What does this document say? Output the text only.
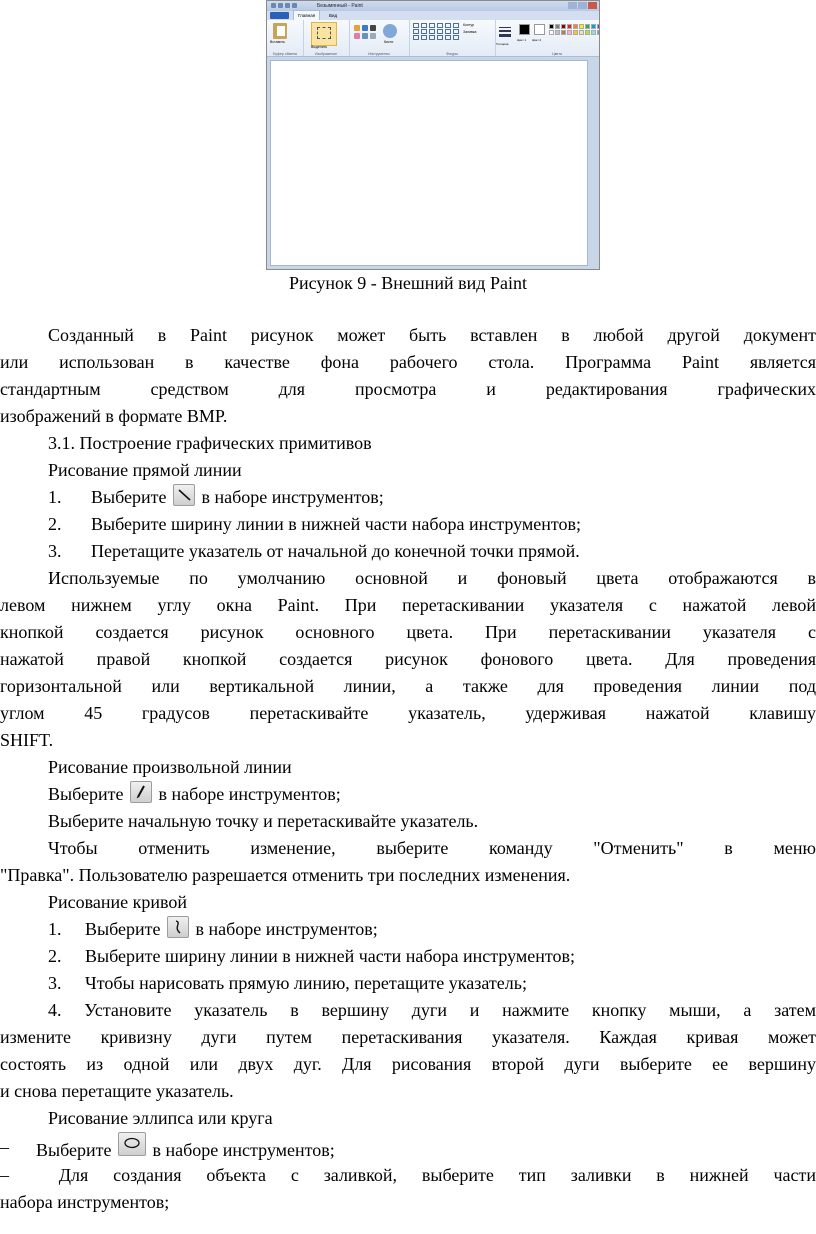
Безымянный - Paint
Главная	Вид
Вставить
Буфер обмена
Выделить
Изображение
Кисти
Инструменты
Контур
Заливка
Фигуры
Толщина
Цвет 1 Цвет 2
Цвета
Рисунок 9 - Внешний вид Paint
Созданный в Paint рисунок может быть вставлен в любой другой документ
или использован в качестве фона рабочего стола. Программа Paint является
стандартным средством для просмотра и редактирования графических
изображений в формате BMP.
3.1. Построение графических примитивов
Рисование прямой линии
1. Выберите в наборе инструментов;
2. Выберите ширину линии в нижней части набора инструментов;
3. Перетащите указатель от начальной до конечной точки прямой.
Используемые по умолчанию основной и фоновый цвета отображаются в
левом нижнем углу окна Paint. При перетаскивании указателя с нажатой левой
кнопкой создается рисунок основного цвета. При перетаскивании указателя с
нажатой правой кнопкой создается рисунок фонового цвета. Для проведения
горизонтальной или вертикальной линии, а также для проведения линии под
углом 45 градусов перетаскивайте указатель, удерживая нажатой клавишу
SHIFT.
Рисование произвольной линии
Выберите в наборе инструментов;
Выберите начальную точку и перетаскивайте указатель.
Чтобы отменить изменение, выберите команду "Отменить" в меню
"Правка". Пользователю разрешается отменить три последних изменения.
Рисование кривой
1. Выберите в наборе инструментов;
2. Выберите ширину линии в нижней части набора инструментов;
3. Чтобы нарисовать прямую линию, перетащите указатель;
4. Установите указатель в вершину дуги и нажмите кнопку мыши, а затем
измените кривизну дуги путем перетаскивания указателя. Каждая кривая может
состоять из одной или двух дуг. Для рисования второй дуги выберите ее вершину
и снова перетащите указатель.
Рисование эллипса или круга
– Выберите в наборе инструментов;
–	Для создания объекта с заливкой, выберите тип заливки в нижней части
набора инструментов;
